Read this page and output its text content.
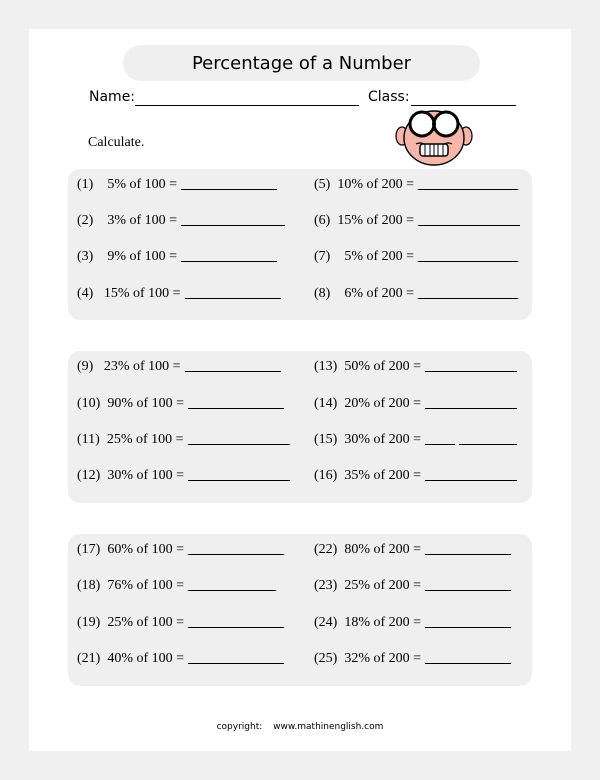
Percentage of a Number
Name:	Class:
Calculate.
(1) 5% of 100 =
(2) 3% of 100 =
(3) 9% of 100 =
(4) 15% of 100 =
(5) 10% of 200 =
(6) 15% of 200 =
(7) 5% of 200 =
(8) 6% of 200 =
(9) 23% of 100 =
(10) 90% of 100 =
(11) 25% of 100 =
(12) 30% of 100 =
(13) 50% of 200 =
(14) 20% of 200 =
(15) 30% of 200 =
(16) 35% of 200 =
(17) 60% of 100 =
(18) 76% of 100 =
(19) 25% of 100 =
(21) 40% of 100 =
(22) 80% of 200 =
(23) 25% of 200 =
(24) 18% of 200 =
(25) 32% of 200 =
copyright: www.mathinenglish.com
